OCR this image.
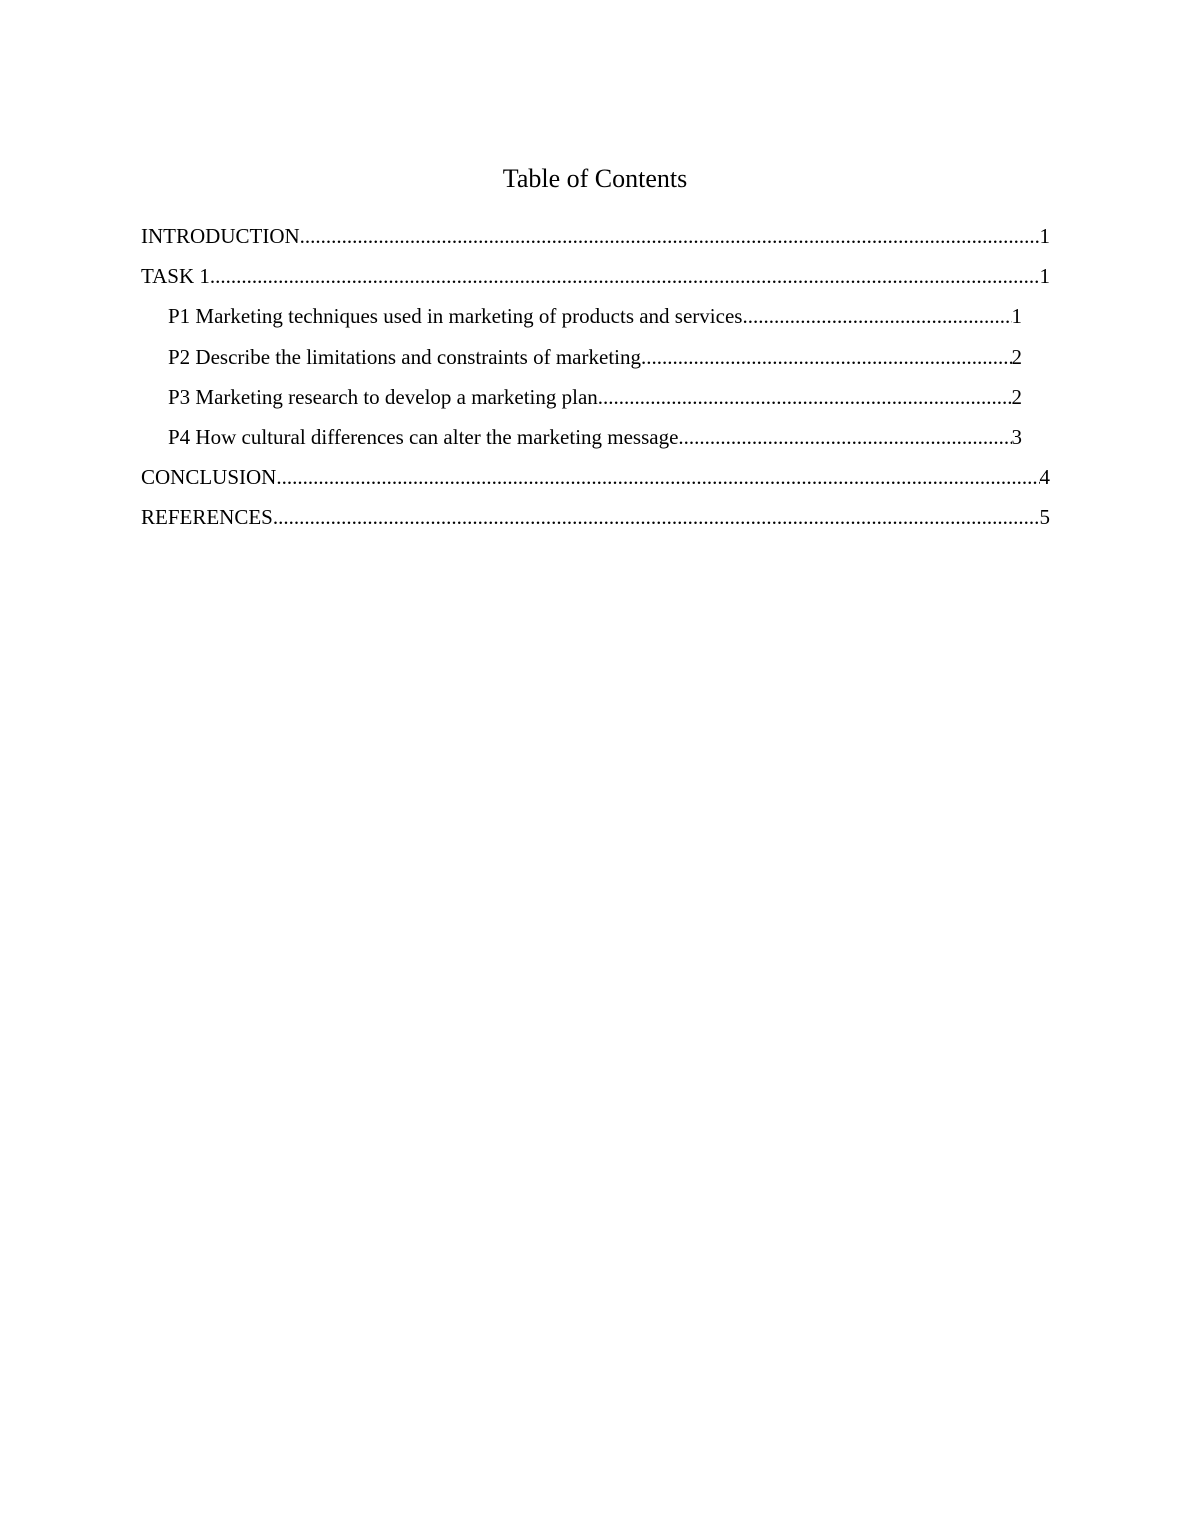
Table of Contents
INTRODUCTION .....	1
TASK 1 .....	1
P1 Marketing techniques used in marketing of products and services .....	1
P2 Describe the limitations and constraints of marketing .....	2
P3 Marketing research to develop a marketing plan .....	2
P4 How cultural differences can alter the marketing message .....	3
CONCLUSION .....	4
REFERENCES .....	5
